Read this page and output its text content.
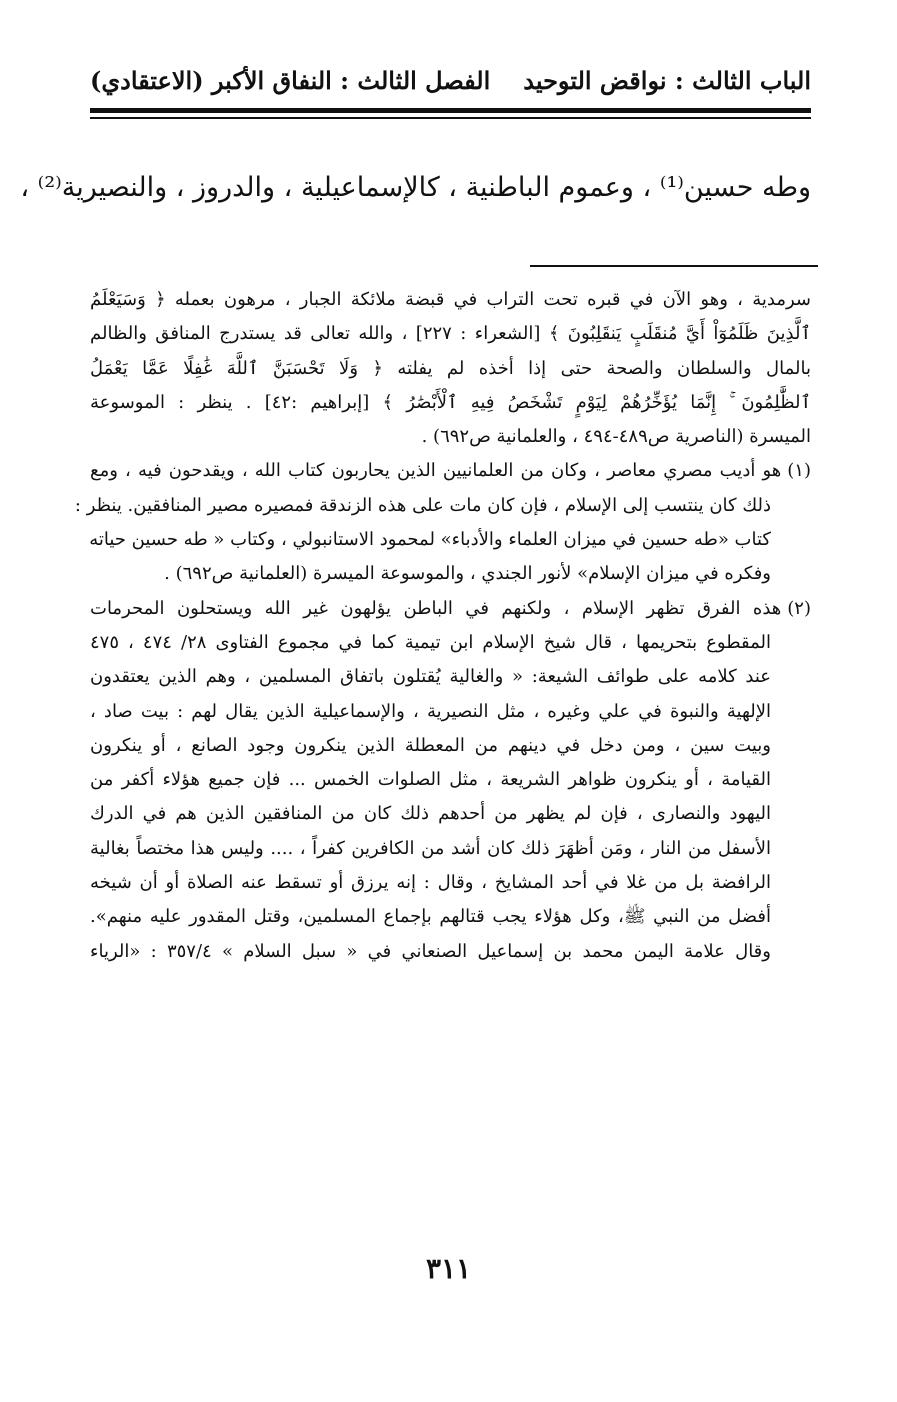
الباب الثالث : نواقض التوحيد
الفصل الثالث : النفاق الأكبر (الاعتقادي)
وطه حسين⁽¹⁾ ، وعموم الباطنية ، كالإسماعيلية ، والدروز ، والنصيرية⁽²⁾ ،
سرمدية ، وهو الآن في قبره تحت التراب في قبضة ملائكة الجبار ، مرهون بعمله ﴿ وَسَيَعْلَمُ
ٱلَّذِينَ ظَلَمُوٓاْ أَيَّ مُنقَلَبٍ يَنقَلِبُونَ ﴾ [الشعراء : ٢٢٧] ، والله تعالى قد يستدرج المنافق والظالم
بالمال والسلطان والصحة حتى إذا أخذه لم يفلته ﴿ وَلَا تَحْسَبَنَّ ٱللَّهَ غَٰفِلًا عَمَّا يَعْمَلُ
ٱلظَّٰلِمُونَ ۚ إِنَّمَا يُؤَخِّرُهُمْ لِيَوْمٍ تَشْخَصُ فِيهِ ٱلْأَبْصَٰرُ ﴾ [إبراهيم :٤٢] . ينظر : الموسوعة
الميسرة (الناصرية ص٤٨٩-٤٩٤ ، والعلمانية ص٦٩٢) .
(١)هو أديب مصري معاصر ، وكان من العلمانيين الذين يحاربون كتاب الله ، ويقدحون فيه ، ومع
ذلك كان ينتسب إلى الإسلام ، فإن كان مات على هذه الزندقة فمصيره مصير المنافقين. ينظر :
كتاب «طه حسين في ميزان العلماء والأدباء» لمحمود الاستانبولي ، وكتاب « طه حسين حياته
وفكره في ميزان الإسلام» لأنور الجندي ، والموسوعة الميسرة (العلمانية ص٦٩٢) .
(٢)هذه الفرق تظهر الإسلام ، ولكنهم في الباطن يؤلهون غير الله ويستحلون المحرمات
المقطوع بتحريمها ، قال شيخ الإسلام ابن تيمية كما في مجموع الفتاوى ٢٨/ ٤٧٤ ، ٤٧٥
عند كلامه على طوائف الشيعة: « والغالية يُقتلون باتفاق المسلمين ، وهم الذين يعتقدون
الإلهية والنبوة في علي وغيره ، مثل النصيرية ، والإسماعيلية الذين يقال لهم : بيت صاد ،
وبيت سين ، ومن دخل في دينهم من المعطلة الذين ينكرون وجود الصانع ، أو ينكرون
القيامة ، أو ينكرون ظواهر الشريعة ، مثل الصلوات الخمس ... فإن جميع هؤلاء أكفر من
اليهود والنصارى ، فإن لم يظهر من أحدهم ذلك كان من المنافقين الذين هم في الدرك
الأسفل من النار ، ومَن أظهَرَ ذلك كان أشد من الكافرين كفراً ، .... وليس هذا مختصاً بغالية
الرافضة بل من غلا في أحد المشايخ ، وقال : إنه يرزق أو تسقط عنه الصلاة أو أن شيخه
أفضل من النبي ﷺ، وكل هؤلاء يجب قتالهم بإجماع المسلمين، وقتل المقدور عليه منهم».
وقال علامة اليمن محمد بن إسماعيل الصنعاني في « سبل السلام » ٣٥٧/٤ : «الرياء
٣١١
